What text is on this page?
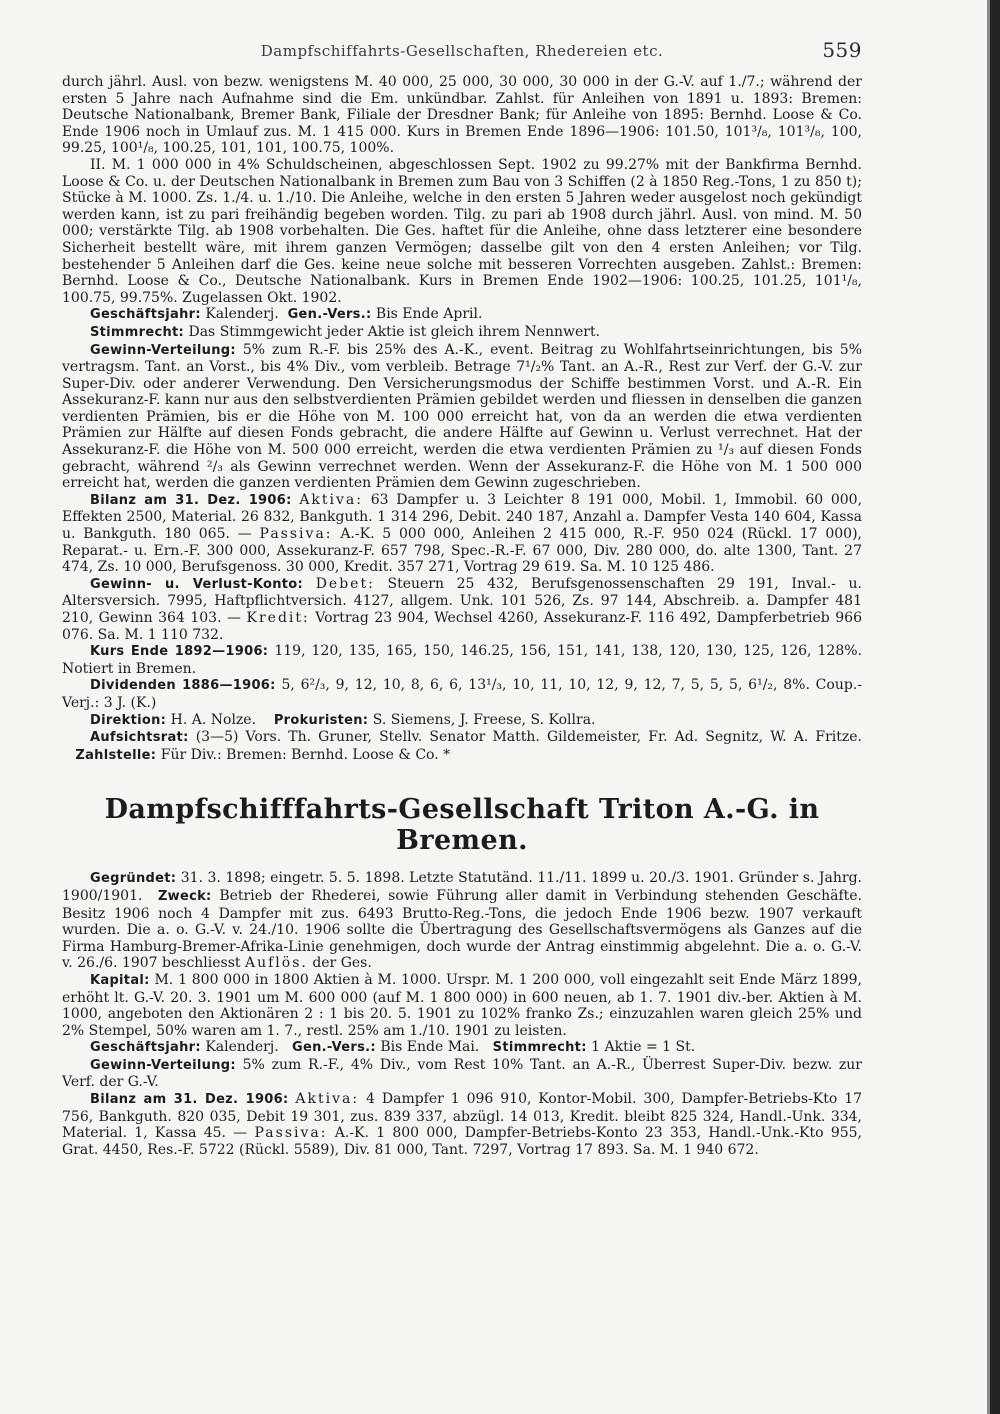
Dampfschiffahrts-Gesellschaften, Rhedereien etc.	559

durch jährl. Ausl. von bezw. wenigstens M. 40 000, 25 000, 30 000, 30 000 in der G.-V. auf 1./7.; während der ersten 5 Jahre nach Aufnahme sind die Em. unkündbar. Zahlst. für Anleihen von 1891 u. 1893: Bremen: Deutsche Nationalbank, Bremer Bank, Filiale der Dresdner Bank; für Anleihe von 1895: Bernhd. Loose & Co. Ende 1906 noch in Umlauf zus. M. 1 415 000. Kurs in Bremen Ende 1896—1906: 101.50, 101³/₈, 101³/₈, 100, 99.25, 100¹/₈, 100.25, 101, 101, 100.75, 100%.

II. M. 1 000 000 in 4% Schuldscheinen, abgeschlossen Sept. 1902 zu 99.27% mit der Bankfirma Bernhd. Loose & Co. u. der Deutschen Nationalbank in Bremen zum Bau von 3 Schiffen (2 à 1850 Reg.-Tons, 1 zu 850 t); Stücke à M. 1000. Zs. 1./4. u. 1./10. Die Anleihe, welche in den ersten 5 Jahren weder ausgelost noch gekündigt werden kann, ist zu pari freihändig begeben worden. Tilg. zu pari ab 1908 durch jährl. Ausl. von mind. M. 50 000; verstärkte Tilg. ab 1908 vorbehalten. Die Ges. haftet für die Anleihe, ohne dass letzterer eine besondere Sicherheit bestellt wäre, mit ihrem ganzen Vermögen; dasselbe gilt von den 4 ersten Anleihen; vor Tilg. bestehender 5 Anleihen darf die Ges. keine neue solche mit besseren Vorrechten ausgeben. Zahlst.: Bremen: Bernhd. Loose & Co., Deutsche Nationalbank. Kurs in Bremen Ende 1902—1906: 100.25, 101.25, 101¹/₈, 100.75, 99.75%. Zugelassen Okt. 1902.

Geschäftsjahr: Kalenderj. Gen.-Vers.: Bis Ende April.

Stimmrecht: Das Stimmgewicht jeder Aktie ist gleich ihrem Nennwert.

Gewinn-Verteilung: 5% zum R.-F. bis 25% des A.-K., event. Beitrag zu Wohlfahrtseinrichtungen, bis 5% vertragsm. Tant. an Vorst., bis 4% Div., vom verbleib. Betrage 7¹/₂% Tant. an A.-R., Rest zur Verf. der G.-V. zur Super-Div. oder anderer Verwendung. Den Versicherungsmodus der Schiffe bestimmen Vorst. und A.-R. Ein Assekuranz-F. kann nur aus den selbstverdienten Prämien gebildet werden und fliessen in denselben die ganzen verdienten Prämien, bis er die Höhe von M. 100 000 erreicht hat, von da an werden die etwa verdienten Prämien zur Hälfte auf diesen Fonds gebracht, die andere Hälfte auf Gewinn u. Verlust verrechnet. Hat der Assekuranz-F. die Höhe von M. 500 000 erreicht, werden die etwa verdienten Prämien zu ¹/₃ auf diesen Fonds gebracht, während ²/₃ als Gewinn verrechnet werden. Wenn der Assekuranz-F. die Höhe von M. 1 500 000 erreicht hat, werden die ganzen verdienten Prämien dem Gewinn zugeschrieben.

Bilanz am 31. Dez. 1906: Aktiva: 63 Dampfer u. 3 Leichter 8 191 000, Mobil. 1, Immobil. 60 000, Effekten 2500, Material. 26 832, Bankguth. 1 314 296, Debit. 240 187, Anzahl a. Dampfer Vesta 140 604, Kassa u. Bankguth. 180 065. — Passiva: A.-K. 5 000 000, Anleihen 2 415 000, R.-F. 950 024 (Rückl. 17 000), Reparat.- u. Ern.-F. 300 000, Assekuranz-F. 657 798, Spec.-R.-F. 67 000, Div. 280 000, do. alte 1300, Tant. 27 474, Zs. 10 000, Berufsgenoss. 30 000, Kredit. 357 271, Vortrag 29 619. Sa. M. 10 125 486.

Gewinn- u. Verlust-Konto: Debet: Steuern 25 432, Berufsgenossenschaften 29 191, Inval.- u. Altersversich. 7995, Haftpflichtversich. 4127, allgem. Unk. 101 526, Zs. 97 144, Abschreib. a. Dampfer 481 210, Gewinn 364 103. — Kredit: Vortrag 23 904, Wechsel 4260, Assekuranz-F. 116 492, Dampferbetrieb 966 076. Sa. M. 1 110 732.

Kurs Ende 1892—1906: 119, 120, 135, 165, 150, 146.25, 156, 151, 141, 138, 120, 130, 125, 126, 128%. Notiert in Bremen.

Dividenden 1886—1906: 5, 6²/₃, 9, 12, 10, 8, 6, 6, 13¹/₃, 10, 11, 10, 12, 9, 12, 7, 5, 5, 5, 6¹/₂, 8%. Coup.-Verj.: 3 J. (K.)

Direktion: H. A. Nolze. Prokuristen: S. Siemens, J. Freese, S. Kollra.

Aufsichtsrat: (3—5) Vors. Th. Gruner, Stellv. Senator Matth. Gildemeister, Fr. Ad. Segnitz, W. A. Fritze.    Zahlstelle: Für Div.: Bremen: Bernhd. Loose & Co. *

Dampfschifffahrts-Gesellschaft Triton A.-G. in Bremen.

Gegründet: 31. 3. 1898; eingetr. 5. 5. 1898. Letzte Statutänd. 11./11. 1899 u. 20./3. 1901. Gründer s. Jahrg. 1900/1901. Zweck: Betrieb der Rhederei, sowie Führung aller damit in Verbindung stehenden Geschäfte. Besitz 1906 noch 4 Dampfer mit zus. 6493 Brutto-Reg.-Tons, die jedoch Ende 1906 bezw. 1907 verkauft wurden. Die a. o. G.-V. v. 24./10. 1906 sollte die Übertragung des Gesellschaftsvermögens als Ganzes auf die Firma Hamburg-Bremer-Afrika-Linie genehmigen, doch wurde der Antrag einstimmig abgelehnt. Die a. o. G.-V. v. 26./6. 1907 beschliesst Auflös. der Ges.

Kapital: M. 1 800 000 in 1800 Aktien à M. 1000. Urspr. M. 1 200 000, voll eingezahlt seit Ende März 1899, erhöht lt. G.-V. 20. 3. 1901 um M. 600 000 (auf M. 1 800 000) in 600 neuen, ab 1. 7. 1901 div.-ber. Aktien à M. 1000, angeboten den Aktionären 2 : 1 bis 20. 5. 1901 zu 102% franko Zs.; einzuzahlen waren gleich 25% und 2% Stempel, 50% waren am 1. 7., restl. 25% am 1./10. 1901 zu leisten.

Geschäftsjahr: Kalenderj. Gen.-Vers.: Bis Ende Mai. Stimmrecht: 1 Aktie = 1 St.

Gewinn-Verteilung: 5% zum R.-F., 4% Div., vom Rest 10% Tant. an A.-R., Überrest Super-Div. bezw. zur Verf. der G.-V.

Bilanz am 31. Dez. 1906: Aktiva: 4 Dampfer 1 096 910, Kontor-Mobil. 300, Dampfer-Betriebs-Kto 17 756, Bankguth. 820 035, Debit 19 301, zus. 839 337, abzügl. 14 013, Kredit. bleibt 825 324, Handl.-Unk. 334, Material. 1, Kassa 45. — Passiva: A.-K. 1 800 000, Dampfer-Betriebs-Konto 23 353, Handl.-Unk.-Kto 955, Grat. 4450, Res.-F. 5722 (Rückl. 5589), Div. 81 000, Tant. 7297, Vortrag 17 893. Sa. M. 1 940 672.
